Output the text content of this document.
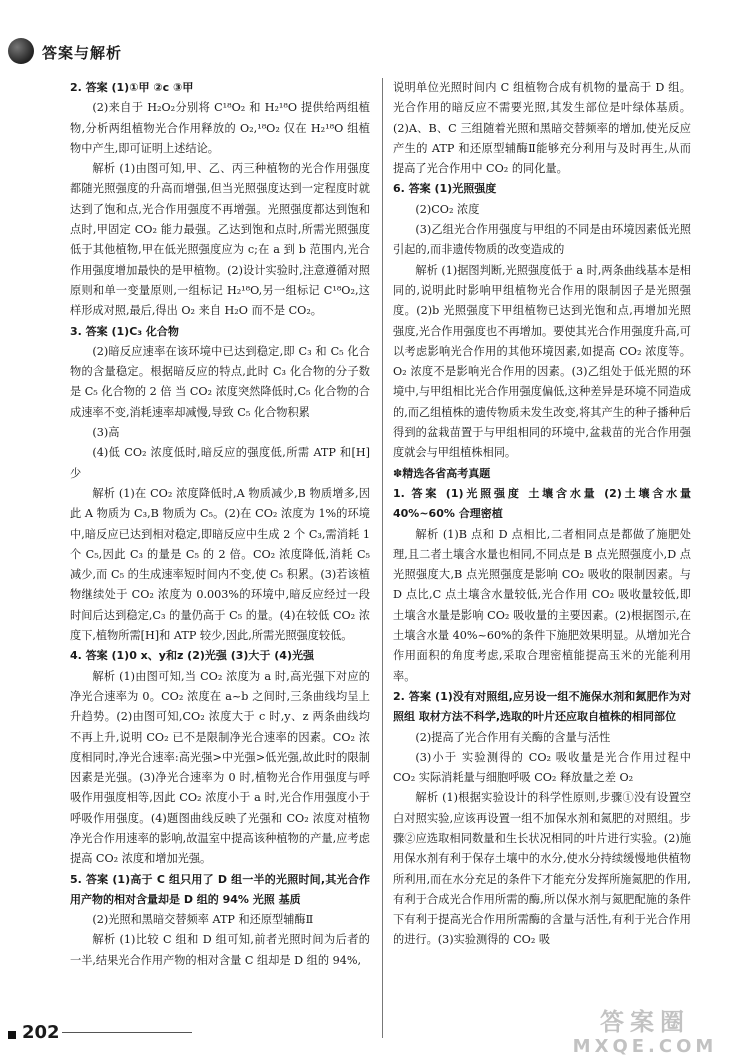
答案与解析

2. 答案 (1)①甲 ②c ③甲

(2)来自于 H₂O₂分别将 C¹⁸O₂ 和 H₂¹⁸O 提供给两组植物,分析两组植物光合作用释放的 O₂,¹⁸O₂ 仅在 H₂¹⁸O 组植物中产生,即可证明上述结论。

解析 (1)由图可知,甲、乙、丙三种植物的光合作用强度都随光照强度的升高而增强,但当光照强度达到一定程度时就达到了饱和点,光合作用强度不再增强。光照强度都达到饱和点时,甲固定 CO₂ 能力最强。乙达到饱和点时,所需光照强度低于其他植物,甲在低光照强度应为 c;在 a 到 b 范围内,光合作用强度增加最快的是甲植物。(2)设计实验时,注意遵循对照原则和单一变量原则,一组标记 H₂¹⁸O,另一组标记 C¹⁸O₂,这样形成对照,最后,得出 O₂ 来自 H₂O 而不是 CO₂。

3. 答案 (1)C₃ 化合物

(2)暗反应速率在该环境中已达到稳定,即 C₃ 和 C₅ 化合物的含量稳定。根据暗反应的特点,此时 C₃ 化合物的分子数是 C₅ 化合物的 2 倍 当 CO₂ 浓度突然降低时,C₅ 化合物的合成速率不变,消耗速率却减慢,导致 C₅ 化合物积累

(3)高

(4)低 CO₂ 浓度低时,暗反应的强度低,所需 ATP 和[H]少

解析 (1)在 CO₂ 浓度降低时,A 物质减少,B 物质增多,因此 A 物质为 C₃,B 物质为 C₅。(2)在 CO₂ 浓度为 1%的环境中,暗反应已达到相对稳定,即暗反应中生成 2 个 C₃,需消耗 1 个 C₅,因此 C₃ 的量是 C₅ 的 2 倍。CO₂ 浓度降低,消耗 C₅ 减少,而 C₅ 的生成速率短时间内不变,使 C₅ 积累。(3)若该植物继续处于 CO₂ 浓度为 0.003%的环境中,暗反应经过一段时间后达到稳定,C₃ 的量仍高于 C₅ 的量。(4)在较低 CO₂ 浓度下,植物所需[H]和 ATP 较少,因此,所需光照强度较低。

4. 答案 (1)0 x、y和z (2)光强 (3)大于 (4)光强

解析 (1)由图可知,当 CO₂ 浓度为 a 时,高光强下对应的净光合速率为 0。CO₂ 浓度在 a~b 之间时,三条曲线均呈上升趋势。(2)由图可知,CO₂ 浓度大于 c 时,y、z 两条曲线均不再上升,说明 CO₂ 已不是限制净光合速率的因素。CO₂ 浓度相同时,净光合速率:高光强>中光强>低光强,故此时的限制因素是光强。(3)净光合速率为 0 时,植物光合作用强度与呼吸作用强度相等,因此 CO₂ 浓度小于 a 时,光合作用强度小于呼吸作用强度。(4)题图曲线反映了光强和 CO₂ 浓度对植物净光合作用速率的影响,故温室中提高该种植物的产量,应考虑提高 CO₂ 浓度和增加光强。

5. 答案 (1)高于 C 组只用了 D 组一半的光照时间,其光合作用产物的相对含量却是 D 组的 94% 光照 基质

(2)光照和黑暗交替频率 ATP 和还原型辅酶Ⅱ

解析 (1)比较 C 组和 D 组可知,前者光照时间为后者的一半,结果光合作用产物的相对含量 C 组却是 D 组的 94%,

说明单位光照时间内 C 组植物合成有机物的量高于 D 组。光合作用的暗反应不需要光照,其发生部位是叶绿体基质。(2)A、B、C 三组随着光照和黑暗交替频率的增加,使光反应产生的 ATP 和还原型辅酶Ⅱ能够充分利用与及时再生,从而提高了光合作用中 CO₂ 的同化量。

6. 答案 (1)光照强度

(2)CO₂ 浓度

(3)乙组光合作用强度与甲组的不同是由环境因素低光照引起的,而非遗传物质的改变造成的

解析 (1)据图判断,光照强度低于 a 时,两条曲线基本是相同的,说明此时影响甲组植物光合作用的限制因子是光照强度。(2)b 光照强度下甲组植物已达到光饱和点,再增加光照强度,光合作用强度也不再增加。要使其光合作用强度升高,可以考虑影响光合作用的其他环境因素,如提高 CO₂ 浓度等。O₂ 浓度不是影响光合作用的因素。(3)乙组处于低光照的环境中,与甲组相比光合作用强度偏低,这种差异是环境不同造成的,而乙组植株的遗传物质未发生改变,将其产生的种子播种后得到的盆栽苗置于与甲组相同的环境中,盆栽苗的光合作用强度就会与甲组植株相同。

✽精选各省高考真题

1. 答案 (1)光照强度 土壤含水量 (2)土壤含水量 40%~60% 合理密植

解析 (1)B 点和 D 点相比,二者相同点是都做了施肥处理,且二者土壤含水量也相同,不同点是 B 点光照强度小,D 点光照强度大,B 点光照强度是影响 CO₂ 吸收的限制因素。与 D 点比,C 点土壤含水量较低,光合作用 CO₂ 吸收量较低,即土壤含水量是影响 CO₂ 吸收量的主要因素。(2)根据图示,在土壤含水量 40%~60%的条件下施肥效果明显。从增加光合作用面积的角度考虑,采取合理密植能提高玉米的光能利用率。

2. 答案 (1)没有对照组,应另设一组不施保水剂和氮肥作为对照组 取材方法不科学,选取的叶片还应取自植株的相同部位

(2)提高了光合作用有关酶的含量与活性

(3)小于 实验测得的 CO₂ 吸收量是光合作用过程中 CO₂ 实际消耗量与细胞呼吸 CO₂ 释放量之差 O₂

解析 (1)根据实验设计的科学性原则,步骤①没有设置空白对照实验,应该再设置一组不加保水剂和氮肥的对照组。步骤②应选取相同数量和生长状况相同的叶片进行实验。(2)施用保水剂有利于保存土壤中的水分,使水分持续缓慢地供植物所利用,而在水分充足的条件下才能充分发挥所施氮肥的作用,有利于合成光合作用所需的酶,所以保水剂与氮肥配施的条件下有利于提高光合作用所需酶的含量与活性,有利于光合作用的进行。(3)实验测得的 CO₂ 吸

202	答案圈
MXQE.COM
